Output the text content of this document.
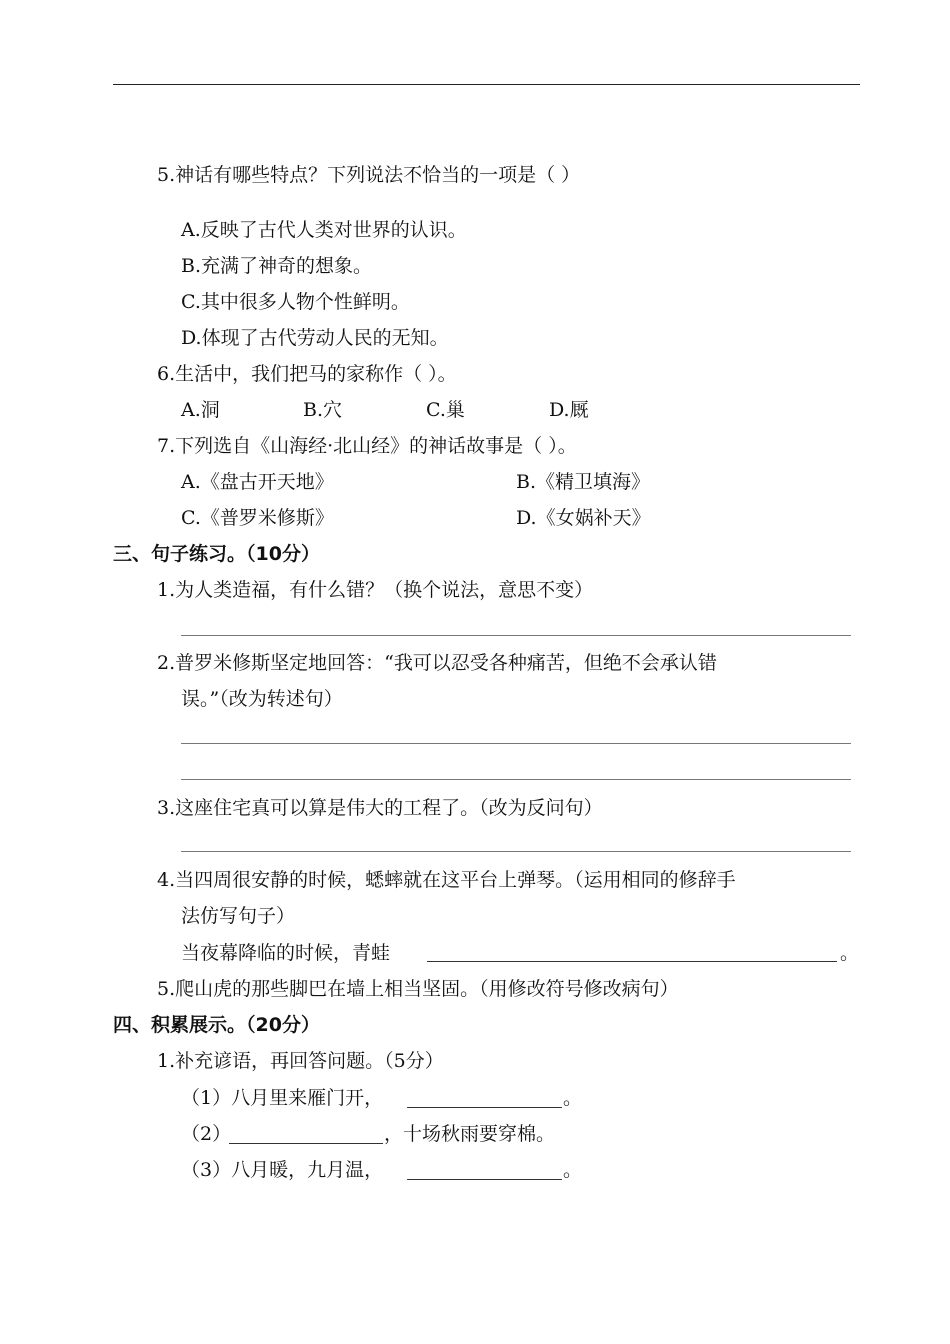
5.神话有哪些特点？下列说法不恰当的一项是（ ）
A.反映了古代人类对世界的认识。
B.充满了神奇的想象。
C.其中很多人物个性鲜明。
D.体现了古代劳动人民的无知。
6.生活中，我们把马的家称作（ ）。
A.洞	B.穴	C.巢	D.厩
7.下列选自《山海经·北山经》的神话故事是（ ）。
A.《盘古开天地》	B.《精卫填海》
C.《普罗米修斯》	D.《女娲补天》
三、句子练习。（10分）
1.为人类造福，有什么错？（换个说法，意思不变）
2.普罗米修斯坚定地回答：“我可以忍受各种痛苦，但绝不会承认错
误。”（改为转述句）
3.这座住宅真可以算是伟大的工程了。（改为反问句）
4.当四周很安静的时候，蟋蟀就在这平台上弹琴。（运用相同的修辞手
法仿写句子）
当夜幕降临的时候，青蛙	。
5.爬山虎的那些脚巴在墙上相当坚固。（用修改符号修改病句）
四、积累展示。（20分）
1.补充谚语，再回答问题。（5分）
（1）八月里来雁门开，	。
（2）	，十场秋雨要穿棉。
（3）八月暖，九月温，	。
